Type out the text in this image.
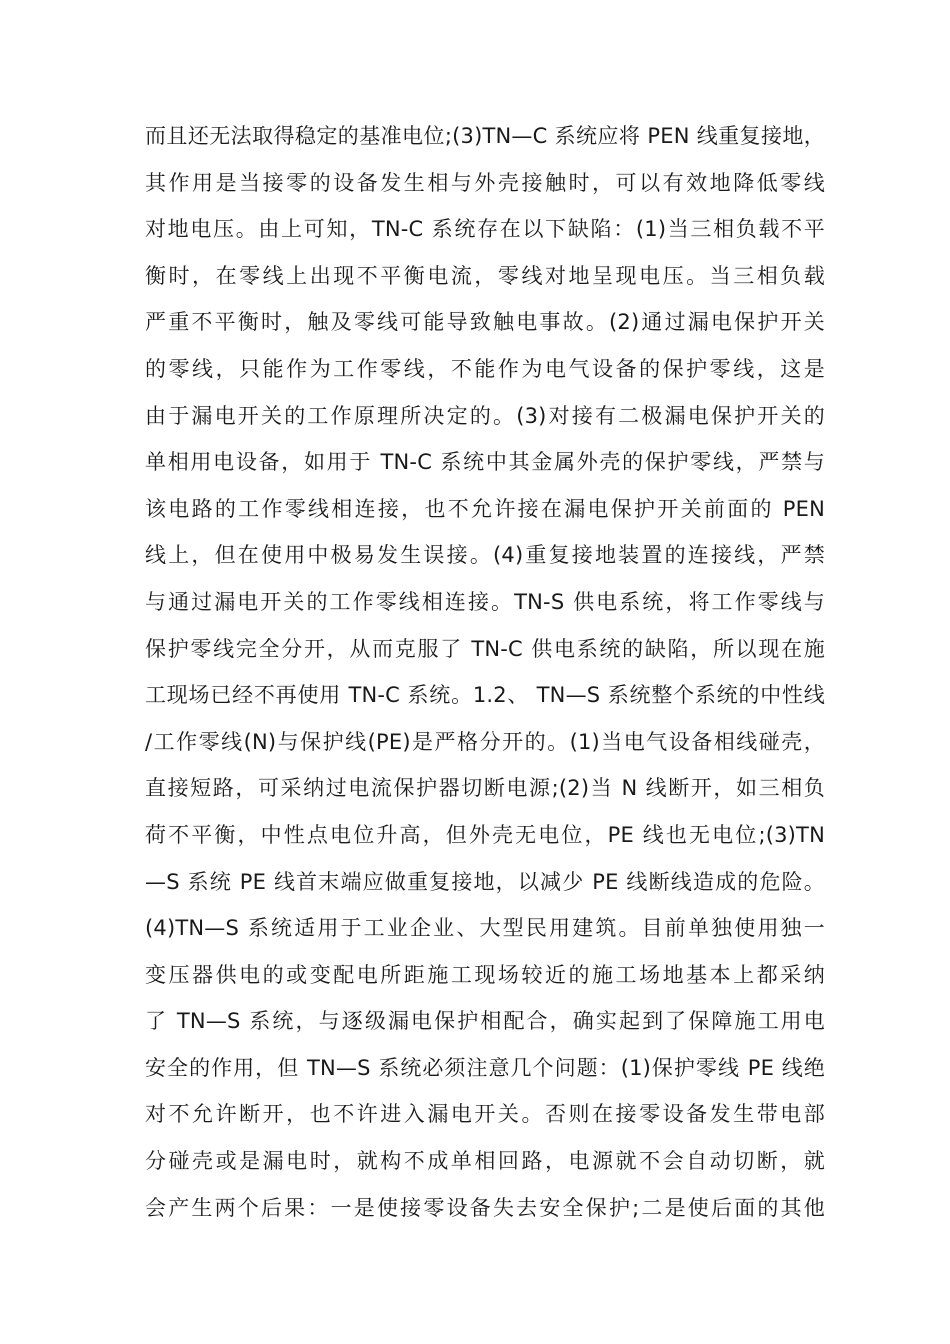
而且还无法取得稳定的基准电位;(3)TN—C 系统应将 PEN 线重复接地，
其作用是当接零的设备发生相与外壳接触时，可以有效地降低零线
对地电压。由上可知，TN-C 系统存在以下缺陷：(1)当三相负载不平
衡时，在零线上出现不平衡电流，零线对地呈现电压。当三相负载
严重不平衡时，触及零线可能导致触电事故。(2)通过漏电保护开关
的零线，只能作为工作零线，不能作为电气设备的保护零线，这是
由于漏电开关的工作原理所决定的。(3)对接有二极漏电保护开关的
单相用电设备，如用于 TN-C 系统中其金属外壳的保护零线，严禁与
该电路的工作零线相连接，也不允许接在漏电保护开关前面的 PEN
线上，但在使用中极易发生误接。(4)重复接地装置的连接线，严禁
与通过漏电开关的工作零线相连接。TN-S 供电系统，将工作零线与
保护零线完全分开，从而克服了 TN-C 供电系统的缺陷，所以现在施
工现场已经不再使用 TN-C 系统。1.2、 TN—S 系统整个系统的中性线
/工作零线(N)与保护线(PE)是严格分开的。(1)当电气设备相线碰壳，
直接短路，可采纳过电流保护器切断电源;(2)当 N 线断开，如三相负
荷不平衡，中性点电位升高，但外壳无电位，PE 线也无电位;(3)TN
—S 系统 PE 线首末端应做重复接地，以减少 PE 线断线造成的危险。
(4)TN—S 系统适用于工业企业、大型民用建筑。目前单独使用独一
变压器供电的或变配电所距施工现场较近的施工场地基本上都采纳
了 TN—S 系统，与逐级漏电保护相配合，确实起到了保障施工用电
安全的作用，但 TN—S 系统必须注意几个问题：(1)保护零线 PE 线绝
对不允许断开，也不许进入漏电开关。否则在接零设备发生带电部
分碰壳或是漏电时，就构不成单相回路，电源就不会自动切断，就
会产生两个后果：一是使接零设备失去安全保护;二是使后面的其他
